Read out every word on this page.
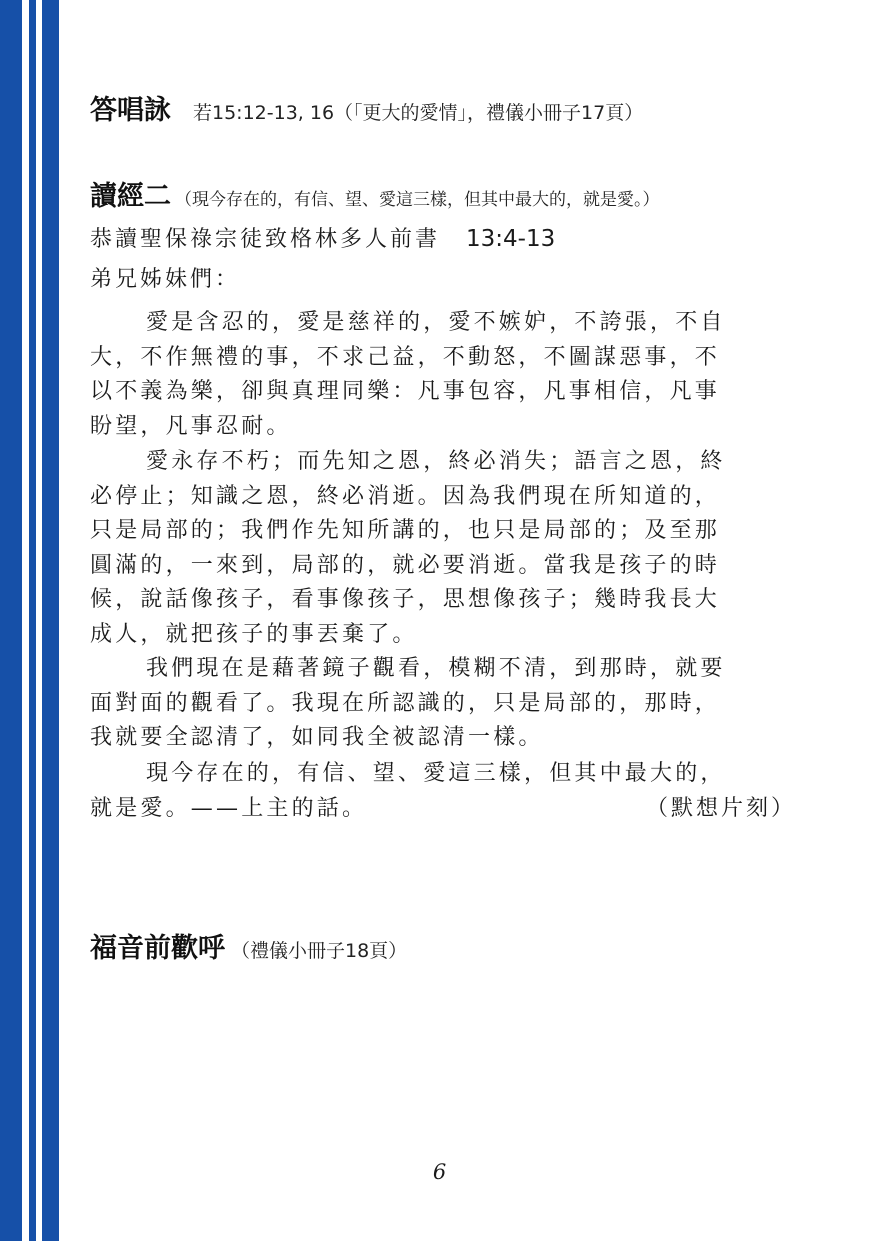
答唱詠 若15:12-13, 16（「更大的愛情」，禮儀小冊子17頁）
讀經二 （現今存在的，有信、望、愛這三樣，但其中最大的，就是愛。）
恭讀聖保祿宗徒致格林多人前書 13:4-13
弟兄姊妹們：
愛是含忍的，愛是慈祥的，愛不嫉妒，不誇張，不自
大，不作無禮的事，不求己益，不動怒，不圖謀惡事，不
以不義為樂，卻與真理同樂：凡事包容，凡事相信，凡事
盼望，凡事忍耐。
愛永存不朽；而先知之恩，終必消失；語言之恩，終
必停止；知識之恩，終必消逝。因為我們現在所知道的，
只是局部的；我們作先知所講的，也只是局部的；及至那
圓滿的，一來到，局部的，就必要消逝。當我是孩子的時
候，說話像孩子，看事像孩子，思想像孩子；幾時我長大
成人，就把孩子的事丟棄了。
我們現在是藉著鏡子觀看，模糊不清，到那時，就要
面對面的觀看了。我現在所認識的，只是局部的，那時，
我就要全認清了，如同我全被認清一樣。
現今存在的，有信、望、愛這三樣，但其中最大的，
就是愛。——上主的話。	（默想片刻）
福音前歡呼 （禮儀小冊子18頁）
6
